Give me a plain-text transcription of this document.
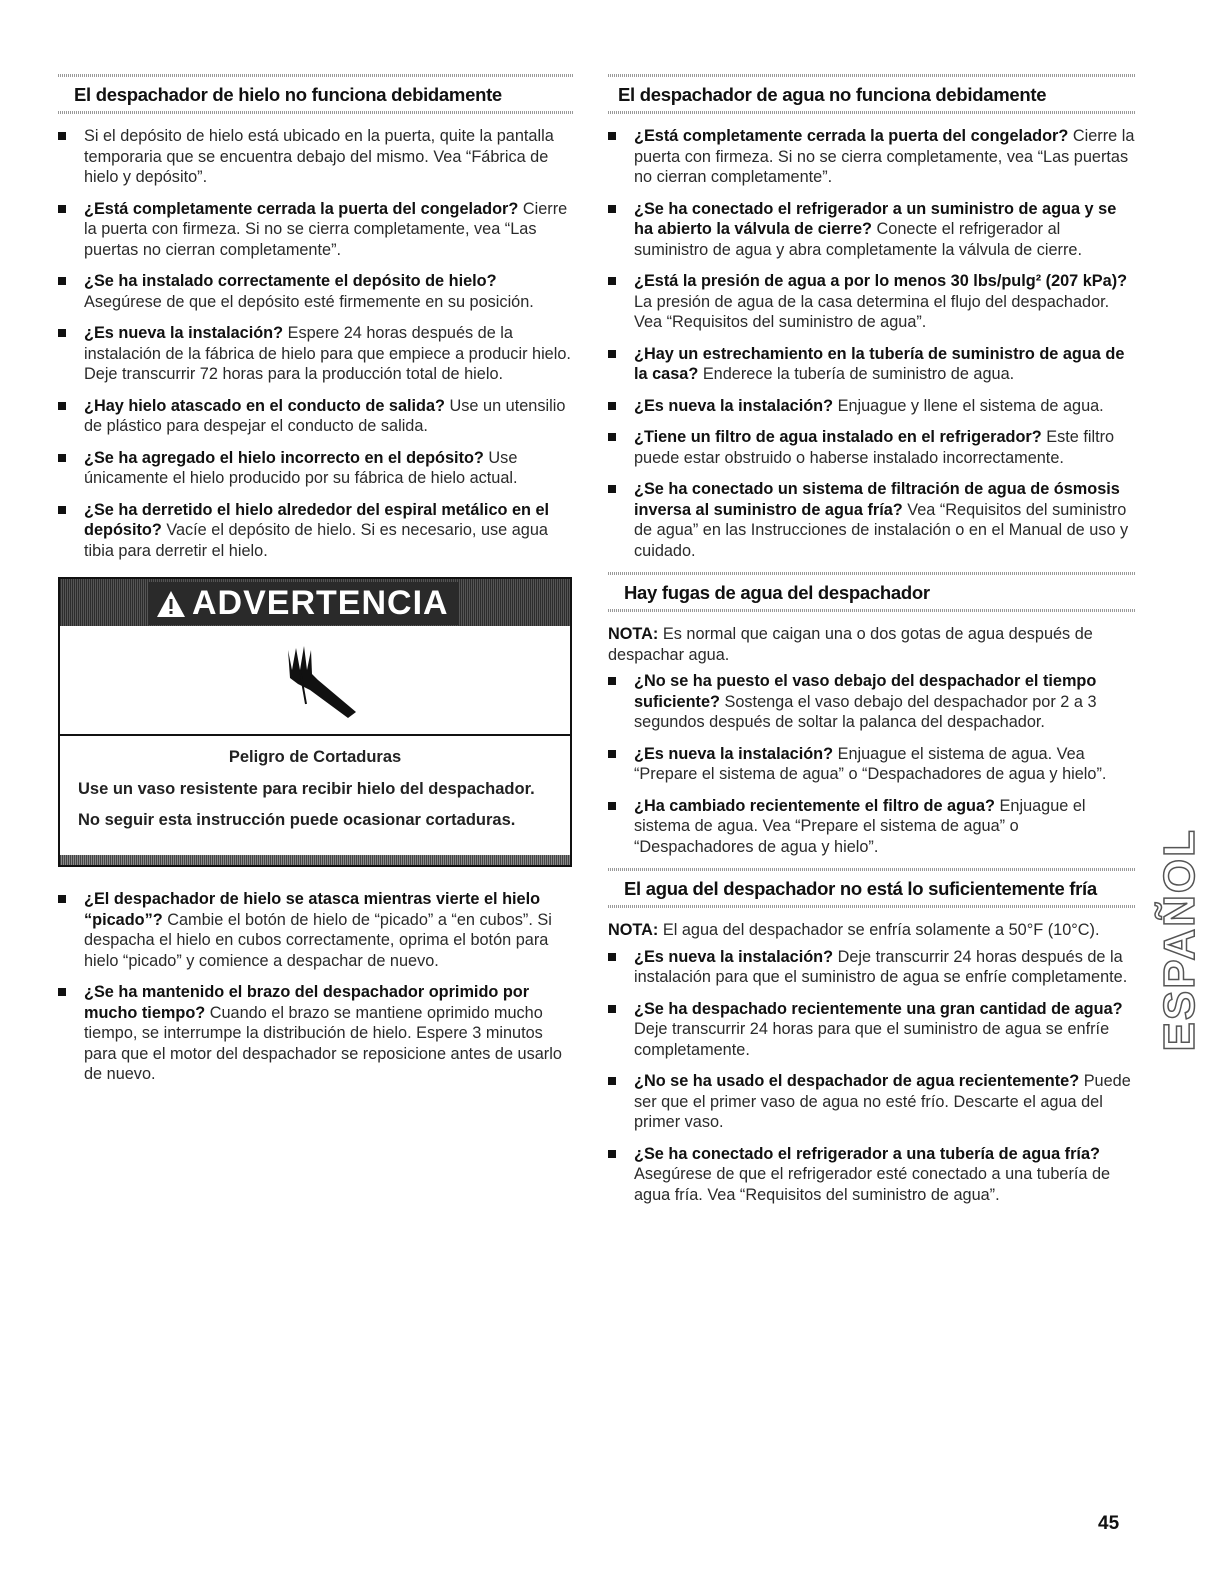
El despachador de hielo no funciona debidamente
Si el depósito de hielo está ubicado en la puerta, quite la pantalla temporaria que se encuentra debajo del mismo. Vea “Fábrica de hielo y depósito”.
¿Está completamente cerrada la puerta del congelador? Cierre la puerta con firmeza. Si no se cierra completamente, vea “Las puertas no cierran completamente”.
¿Se ha instalado correctamente el depósito de hielo? Asegúrese de que el depósito esté firmemente en su posición.
¿Es nueva la instalación? Espere 24 horas después de la instalación de la fábrica de hielo para que empiece a producir hielo. Deje transcurrir 72 horas para la producción total de hielo.
¿Hay hielo atascado en el conducto de salida? Use un utensilio de plástico para despejar el conducto de salida.
¿Se ha agregado el hielo incorrecto en el depósito? Use únicamente el hielo producido por su fábrica de hielo actual.
¿Se ha derretido el hielo alrededor del espiral metálico en el depósito? Vacíe el depósito de hielo. Si es necesario, use agua tibia para derretir el hielo.
ADVERTENCIA
Peligro de Cortaduras
Use un vaso resistente para recibir hielo del despachador.
No seguir esta instrucción puede ocasionar cortaduras.
¿El despachador de hielo se atasca mientras vierte el hielo “picado”? Cambie el botón de hielo de “picado” a “en cubos”. Si despacha el hielo en cubos correctamente, oprima el botón para hielo “picado” y comience a despachar de nuevo.
¿Se ha mantenido el brazo del despachador oprimido por mucho tiempo? Cuando el brazo se mantiene oprimido mucho tiempo, se interrumpe la distribución de hielo. Espere 3 minutos para que el motor del despachador se reposicione antes de usarlo de nuevo.
El despachador de agua no funciona debidamente
¿Está completamente cerrada la puerta del congelador? Cierre la puerta con firmeza. Si no se cierra completamente, vea “Las puertas no cierran completamente”.
¿Se ha conectado el refrigerador a un suministro de agua y se ha abierto la válvula de cierre? Conecte el refrigerador al suministro de agua y abra completamente la válvula de cierre.
¿Está la presión de agua a por lo menos 30 lbs/pulg² (207 kPa)? La presión de agua de la casa determina el flujo del despachador. Vea “Requisitos del suministro de agua”.
¿Hay un estrechamiento en la tubería de suministro de agua de la casa? Enderece la tubería de suministro de agua.
¿Es nueva la instalación? Enjuague y llene el sistema de agua.
¿Tiene un filtro de agua instalado en el refrigerador? Este filtro puede estar obstruido o haberse instalado incorrectamente.
¿Se ha conectado un sistema de filtración de agua de ósmosis inversa al suministro de agua fría? Vea “Requisitos del suministro de agua” en las Instrucciones de instalación o en el Manual de uso y cuidado.
Hay fugas de agua del despachador

NOTA: Es normal que caigan una o dos gotas de agua después de despachar agua.

¿No se ha puesto el vaso debajo del despachador el tiempo suficiente? Sostenga el vaso debajo del despachador por 2 a 3 segundos después de soltar la palanca del despachador.
¿Es nueva la instalación? Enjuague el sistema de agua. Vea “Prepare el sistema de agua” o “Despachadores de agua y hielo”.
¿Ha cambiado recientemente el filtro de agua? Enjuague el sistema de agua. Vea “Prepare el sistema de agua” o “Despachadores de agua y hielo”.
El agua del despachador no está lo suficientemente fría

NOTA: El agua del despachador se enfría solamente a 50°F (10°C).

¿Es nueva la instalación? Deje transcurrir 24 horas después de la instalación para que el suministro de agua se enfríe completamente.
¿Se ha despachado recientemente una gran cantidad de agua? Deje transcurrir 24 horas para que el suministro de agua se enfríe completamente.
¿No se ha usado el despachador de agua recientemente? Puede ser que el primer vaso de agua no esté frío. Descarte el agua del primer vaso.
¿Se ha conectado el refrigerador a una tubería de agua fría? Asegúrese de que el refrigerador esté conectado a una tubería de agua fría. Vea “Requisitos del suministro de agua”.
ESPAÑOL
45
